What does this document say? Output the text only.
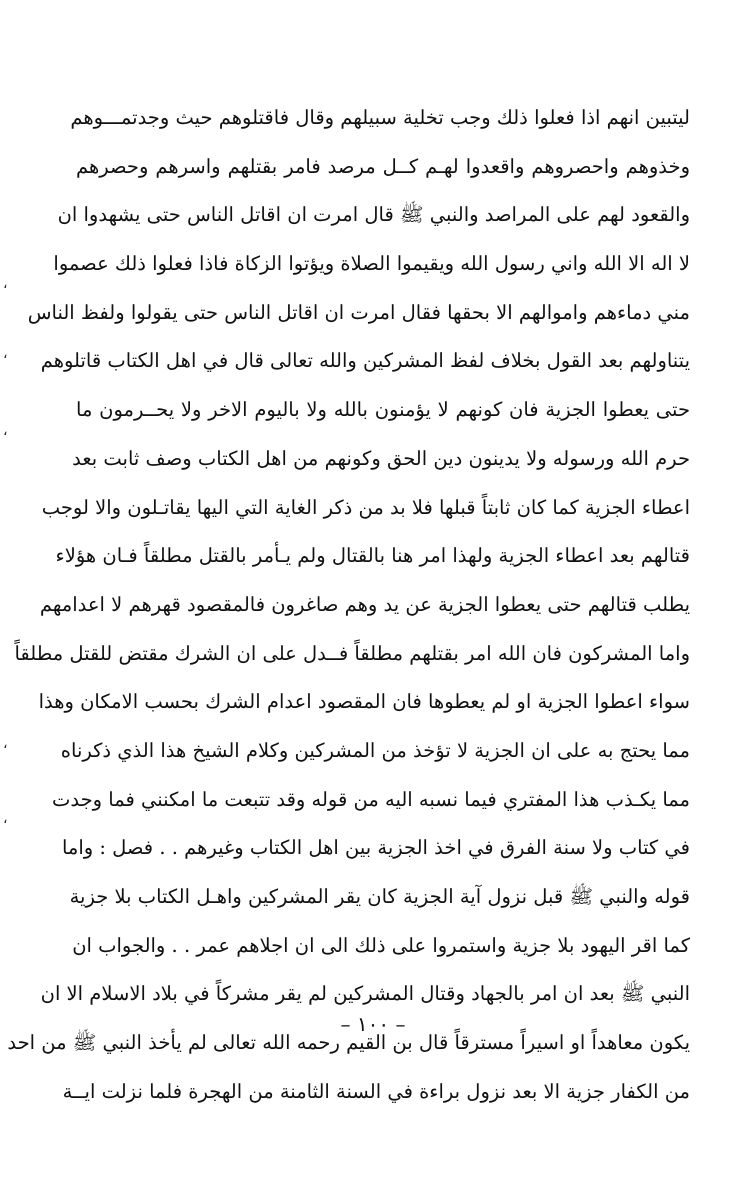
ليتبين انهم اذا فعلوا ذلك وجب تخلية سبيلهم وقال فاقتلوهم حيث وجدتمـــوهم
وخذوهم واحصروهم واقعدوا لهـم كــل مرصد فامر بقتلهم واسرهم وحصرهم
والقعود لهم على المراصد والنبي ﷺ قال امرت ان اقاتل الناس حتى يشهدوا ان
لا اله الا الله واني رسول الله ويقيموا الصلاة ويؤتوا الزكاة فاذا فعلوا ذلك عصموا
مني دماءهم واموالهم الا بحقها فقال امرت ان اقاتل الناس حتى يقولوا ولفظ الناس
يتناولهم بعد القول بخلاف لفظ المشركين والله تعالى قال في اهل الكتاب قاتلوهم
حتى يعطوا الجزية فان كونهم لا يؤمنون بالله ولا باليوم الاخر ولا يحــرمون ما
حرم الله ورسوله ولا يدينون دين الحق وكونهم من اهل الكتاب وصف ثابت بعد
اعطاء الجزية كما كان ثابتاً قبلها فلا بد من ذكر الغاية التي اليها يقاتـلون والا لوجب
قتالهم بعد اعطاء الجزية ولهذا امر هنا بالقتال ولم يـأمر بالقتل مطلقاً فـان هؤلاء
يطلب قتالهم حتى يعطوا الجزية عن يد وهم صاغرون فالمقصود قهرهم لا اعدامهم
واما المشركون فان الله امر بقتلهم مطلقاً فــدل على ان الشرك مقتض للقتل مطلقاً
سواء اعطوا الجزية او لم يعطوها فان المقصود اعدام الشرك بحسب الامكان وهذا
مما يحتج به على ان الجزية لا تؤخذ من المشركين وكلام الشيخ هذا الذي ذكرناه
مما يكـذب هذا المفتري فيما نسبه اليه من قوله وقد تتبعت ما امكنني فما وجدت
في كتاب ولا سنة الفرق في اخذ الجزية بين اهل الكتاب وغيرهم . . فصل : واما
قوله والنبي ﷺ قبل نزول آية الجزية كان يقر المشركين واهـل الكتاب بلا جزية
كما اقر اليهود بلا جزية واستمروا على ذلك الى ان اجلاهم عمر . . والجواب ان
النبي ﷺ بعد ان امر بالجهاد وقتال المشركين لم يقر مشركاً في بلاد الاسلام الا ان
يكون معاهداً او اسيراً مسترقاً قال بن القيم رحمه الله تعالى لم يأخذ النبي ﷺ من احد
من الكفار جزية الا بعد نزول براءة في السنة الثامنة من الهجرة فلما نزلت ايــة
،
،
،
،
،
– ١٠٠ –
